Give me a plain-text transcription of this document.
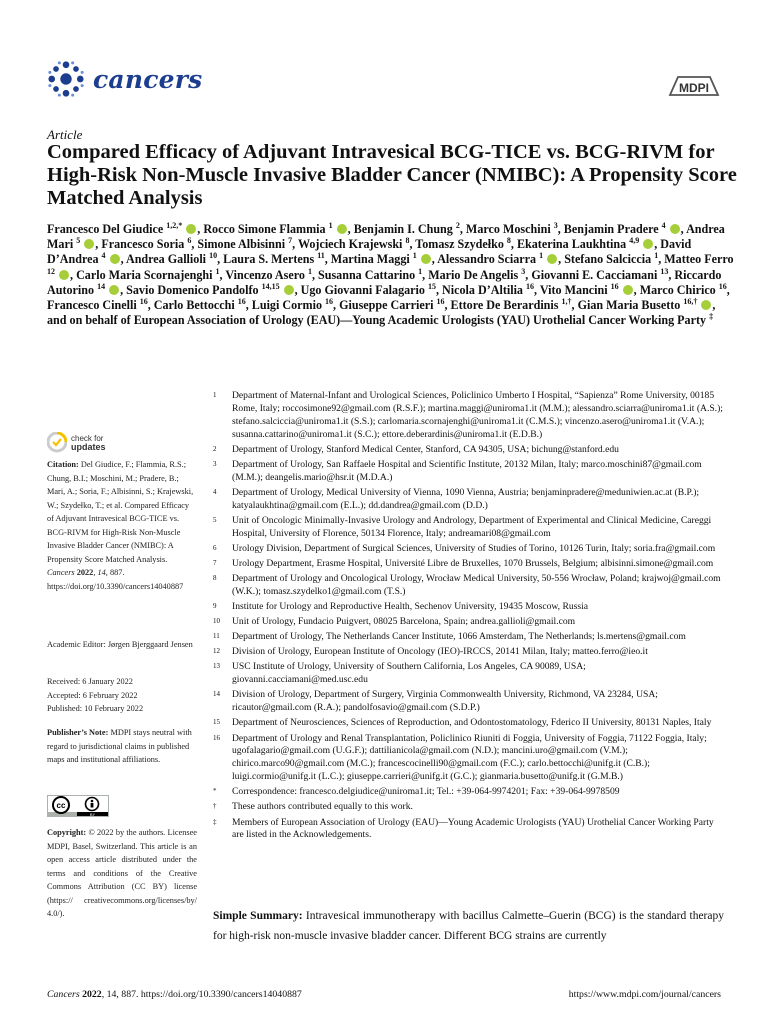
cancers	MDPI
Article
Compared Efficacy of Adjuvant Intravesical BCG-TICE vs. BCG-RIVM for High-Risk Non-Muscle Invasive Bladder Cancer (NMIBC): A Propensity Score Matched Analysis
Francesco Del Giudice $^{1,2,*}$ , Rocco Simone Flammia $^1$ , Benjamin I. Chung $^2$, Marco Moschini $^3$, Benjamin Pradere $^4$ , Andrea Mari $^5$ , Francesco Soria $^6$, Simone Albisinni $^7$, Wojciech Krajewski $^8$, Tomasz Szydełko $^8$, Ekaterina Laukhtina $^{4,9}$ , David D’Andrea $^4$ , Andrea Gallioli $^{10}$, Laura S. Mertens $^{11}$, Martina Maggi $^1$ , Alessandro Sciarra $^1$ , Stefano Salciccia $^1$, Matteo Ferro $^{12}$ , Carlo Maria Scornajenghi $^1$, Vincenzo Asero $^1$, Susanna Cattarino $^1$, Mario De Angelis $^3$, Giovanni E. Cacciamani $^{13}$, Riccardo Autorino $^{14}$ , Savio Domenico Pandolfo $^{14,15}$ , Ugo Giovanni Falagario $^{15}$, Nicola D’Altilia $^{16}$, Vito Mancini $^{16}$ , Marco Chirico $^{16}$, Francesco Cinelli $^{16}$, Carlo Bettocchi $^{16}$, Luigi Cormio $^{16}$, Giuseppe Carrieri $^{16}$, Ettore De Berardinis $^{1,\dagger}$, Gian Maria Busetto $^{16,\dagger}$ , and on behalf of European Association of Urology (EAU)—Young Academic Urologists (YAU) Urothelial Cancer Working Party ‡
check for
updates
Citation: Del Giudice, F.; Flammia, R.S.; Chung, B.I.; Moschini, M.; Pradere, B.; Mari, A.; Soria, F.; Albisinni, S.; Krajewski, W.; Szydełko, T.; et al. Compared Efficacy of Adjuvant Intravesical BCG-TICE vs. BCG-RIVM for High-Risk Non-Muscle Invasive Bladder Cancer (NMIBC): A Propensity Score Matched Analysis. Cancers 2022, 14, 887. https://doi.org/10.3390/cancers14040887
Academic Editor: Jørgen Bjerggaard Jensen
Received: 6 January 2022
Accepted: 6 February 2022
Published: 10 February 2022
Publisher’s Note: MDPI stays neutral with regard to jurisdictional claims in published maps and institutional affiliations.
cc
BY
Copyright: © 2022 by the authors. Licensee MDPI, Basel, Switzerland. This article is an open access article distributed under the terms and conditions of the Creative Commons Attribution (CC BY) license (https:// creativecommons.org/licenses/by/ 4.0/).
1	Department of Maternal-Infant and Urological Sciences, Policlinico Umberto I Hospital, “Sapienza” Rome University, 00185 Rome, Italy; roccosimone92@gmail.com (R.S.F.); martina.maggi@uniroma1.it (M.M.); alessandro.sciarra@uniroma1.it (A.S.); stefano.salciccia@uniroma1.it (S.S.); carlomaria.scornajenghi@uniroma1.it (C.M.S.); vincenzo.asero@uniroma1.it (V.A.); susanna.cattarino@uniroma1.it (S.C.); ettore.deberardinis@uniroma1.it (E.D.B.)
2	Department of Urology, Stanford Medical Center, Stanford, CA 94305, USA; bichung@stanford.edu
3	Department of Urology, San Raffaele Hospital and Scientific Institute, 20132 Milan, Italy; marco.moschini87@gmail.com (M.M.); deangelis.mario@hsr.it (M.D.A.)
4	Department of Urology, Medical University of Vienna, 1090 Vienna, Austria; benjaminpradere@meduniwien.ac.at (B.P.); katyalaukhtina@gmail.com (E.L.); dd.dandrea@gmail.com (D.D.)
5	Unit of Oncologic Minimally-Invasive Urology and Andrology, Department of Experimental and Clinical Medicine, Careggi Hospital, University of Florence, 50134 Florence, Italy; andreamari08@gmail.com
6	Urology Division, Department of Surgical Sciences, University of Studies of Torino, 10126 Turin, Italy; soria.fra@gmail.com
7	Urology Department, Erasme Hospital, Université Libre de Bruxelles, 1070 Brussels, Belgium; albisinni.simone@gmail.com
8	Department of Urology and Oncological Urology, Wrocław Medical University, 50-556 Wrocław, Poland; krajwoj@gmail.com (W.K.); tomasz.szydelko1@gmail.com (T.S.)
9	Institute for Urology and Reproductive Health, Sechenov University, 19435 Moscow, Russia
10	Unit of Urology, Fundacio Puigvert, 08025 Barcelona, Spain; andrea.gallioli@gmail.com
11	Department of Urology, The Netherlands Cancer Institute, 1066 Amsterdam, The Netherlands; ls.mertens@gmail.com
12	Division of Urology, European Institute of Oncology (IEO)-IRCCS, 20141 Milan, Italy; matteo.ferro@ieo.it
13	USC Institute of Urology, University of Southern California, Los Angeles, CA 90089, USA; giovanni.cacciamani@med.usc.edu
14	Division of Urology, Department of Surgery, Virginia Commonwealth University, Richmond, VA 23284, USA; ricautor@gmail.com (R.A.); pandolfosavio@gmail.com (S.D.P.)
15	Department of Neurosciences, Sciences of Reproduction, and Odontostomatology, Fderico II University, 80131 Naples, Italy
16	Department of Urology and Renal Transplantation, Policlinico Riuniti di Foggia, University of Foggia, 71122 Foggia, Italy; ugofalagario@gmail.com (U.G.F.); dattilianicola@gmail.com (N.D.); mancini.uro@gmail.com (V.M.); chirico.marco90@gmail.com (M.C.); francescocinelli90@gmail.com (F.C.); carlo.bettocchi@unifg.it (C.B.); luigi.cormio@unifg.it (L.C.); giuseppe.carrieri@unifg.it (G.C.); gianmaria.busetto@unifg.it (G.M.B.)
*	Correspondence: francesco.delgiudice@uniroma1.it; Tel.: +39-064-9974201; Fax: +39-064-9978509
†	These authors contributed equally to this work.
‡	Members of European Association of Urology (EAU)—Young Academic Urologists (YAU) Urothelial Cancer Working Party are listed in the Acknowledgements.
Simple Summary: Intravesical immunotherapy with bacillus Calmette–Guerin (BCG) is the standard therapy for high-risk non-muscle invasive bladder cancer. Different BCG strains are currently
Cancers 2022, 14, 887. https://doi.org/10.3390/cancers14040887	https://www.mdpi.com/journal/cancers
